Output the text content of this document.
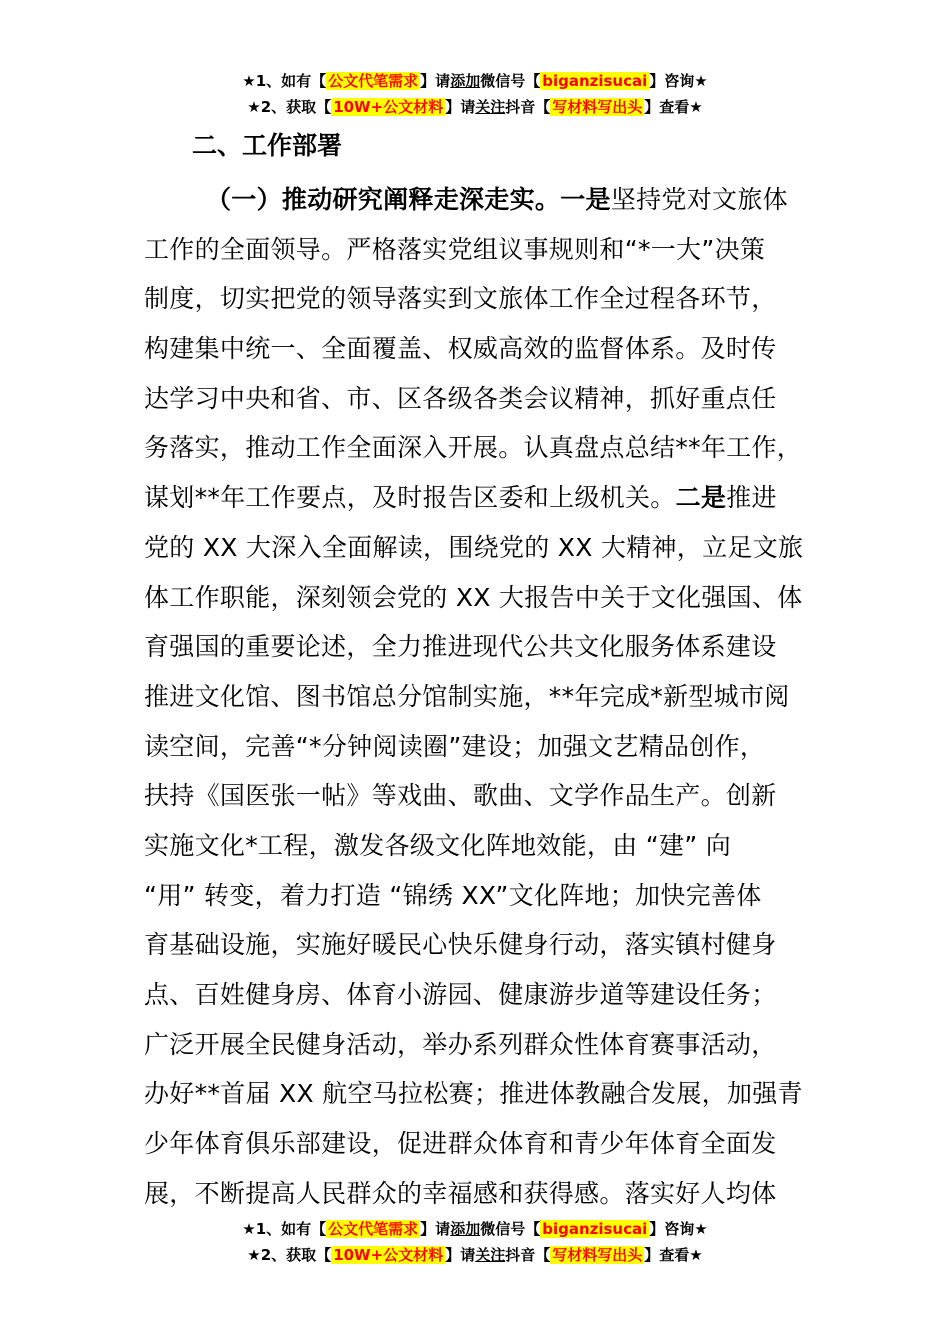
★1、如有【 公文代笔需求 】请添加微信号【 biganzisucai 】咨询★
★2、获取【 10W+公文材料 】请关注抖音【 写材料写出头 】查看★
二、工作部署
（一）推动研究阐释走深走实。一是坚持党对文旅体
工作的全面领导。严格落实党组议事规则和“*一大”决策
制度，切实把党的领导落实到文旅体工作全过程各环节，
构建集中统一、全面覆盖、权威高效的监督体系。及时传
达学习中央和省、市、区各级各类会议精神，抓好重点任
务落实，推动工作全面深入开展。认真盘点总结**年工作，
谋划**年工作要点，及时报告区委和上级机关。二是推进
党的 XX 大深入全面解读，围绕党的 XX 大精神，立足文旅
体工作职能，深刻领会党的 XX 大报告中关于文化强国、体
育强国的重要论述，全力推进现代公共文化服务体系建设
推进文化馆、图书馆总分馆制实施，**年完成*新型城市阅
读空间，完善“*分钟阅读圈”建设；加强文艺精品创作，
扶持《国医张一帖》等戏曲、歌曲、文学作品生产。创新
实施文化*工程，激发各级文化阵地效能，由 “建” 向
“用” 转变，着力打造 “锦绣 XX”文化阵地；加快完善体
育基础设施，实施好暖民心快乐健身行动，落实镇村健身
点、百姓健身房、体育小游园、健康游步道等建设任务；
广泛开展全民健身活动，举办系列群众性体育赛事活动，
办好**首届 XX 航空马拉松赛；推进体教融合发展，加强青
少年体育俱乐部建设，促进群众体育和青少年体育全面发
展，不断提高人民群众的幸福感和获得感。落实好人均体
★1、如有【 公文代笔需求 】请添加微信号【 biganzisucai 】咨询★
★2、获取【 10W+公文材料 】请关注抖音【 写材料写出头 】查看★
